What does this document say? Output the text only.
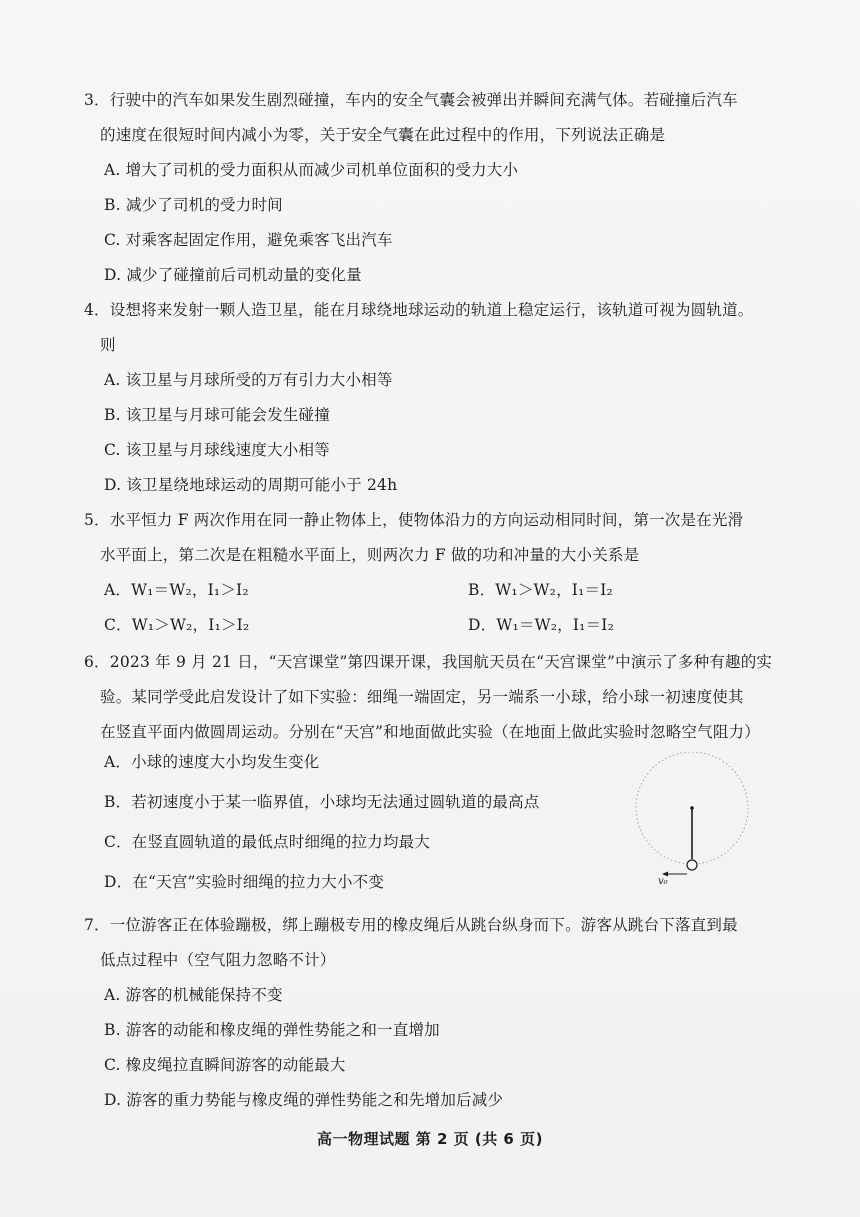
3．行驶中的汽车如果发生剧烈碰撞，车内的安全气囊会被弹出并瞬间充满气体。若碰撞后汽车
的速度在很短时间内减小为零，关于安全气囊在此过程中的作用，下列说法正确是
A. 增大了司机的受力面积从而减少司机单位面积的受力大小
B. 减少了司机的受力时间
C. 对乘客起固定作用，避免乘客飞出汽车
D. 减少了碰撞前后司机动量的变化量
4．设想将来发射一颗人造卫星，能在月球绕地球运动的轨道上稳定运行，该轨道可视为圆轨道。
则
A. 该卫星与月球所受的万有引力大小相等
B. 该卫星与月球可能会发生碰撞
C. 该卫星与月球线速度大小相等
D. 该卫星绕地球运动的周期可能小于 24h
5．水平恒力 F 两次作用在同一静止物体上，使物体沿力的方向运动相同时间，第一次是在光滑
水平面上，第二次是在粗糙水平面上，则两次力 F 做的功和冲量的大小关系是
A．W₁＝W₂，I₁＞I₂	B．W₁＞W₂，I₁＝I₂
C．W₁＞W₂，I₁＞I₂	D．W₁＝W₂，I₁＝I₂
6．2023 年 9 月 21 日，“天宫课堂”第四课开课，我国航天员在“天宫课堂”中演示了多种有趣的实
验。某同学受此启发设计了如下实验：细绳一端固定，另一端系一小球，给小球一初速度使其
在竖直平面内做圆周运动。分别在“天宫”和地面做此实验（在地面上做此实验时忽略空气阻力）
A．小球的速度大小均发生变化
B．若初速度小于某一临界值，小球均无法通过圆轨道的最高点
C．在竖直圆轨道的最低点时细绳的拉力均最大
D．在“天宫”实验时细绳的拉力大小不变	v₀
7．一位游客正在体验蹦极，绑上蹦极专用的橡皮绳后从跳台纵身而下。游客从跳台下落直到最
低点过程中（空气阻力忽略不计）
A. 游客的机械能保持不变
B. 游客的动能和橡皮绳的弹性势能之和一直增加
C. 橡皮绳拉直瞬间游客的动能最大
D. 游客的重力势能与橡皮绳的弹性势能之和先增加后减少
高一物理试题 第 2 页 (共 6 页)
